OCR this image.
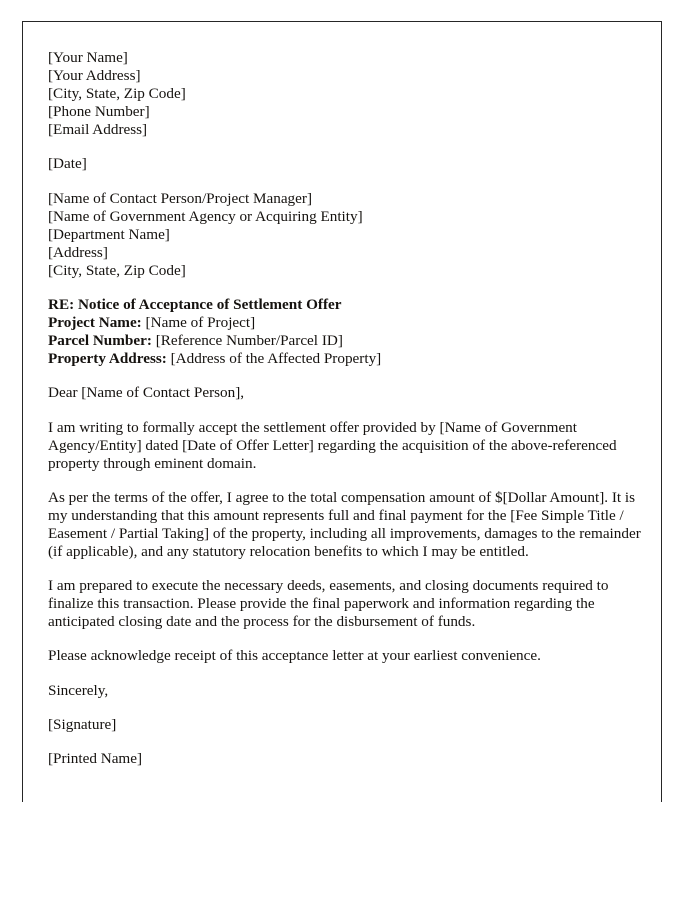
[Your Name]
[Your Address]
[City, State, Zip Code]
[Phone Number]
[Email Address]
[Date]
[Name of Contact Person/Project Manager]
[Name of Government Agency or Acquiring Entity]
[Department Name]
[Address]
[City, State, Zip Code]
RE: Notice of Acceptance of Settlement Offer
Project Name: [Name of Project]
Parcel Number: [Reference Number/Parcel ID]
Property Address: [Address of the Affected Property]

Dear [Name of Contact Person],

I am writing to formally accept the settlement offer provided by [Name of Government Agency/Entity] dated [Date of Offer Letter] regarding the acquisition of the above-referenced property through eminent domain.

As per the terms of the offer, I agree to the total compensation amount of $[Dollar Amount]. It is my understanding that this amount represents full and final payment for the [Fee Simple Title / Easement / Partial Taking] of the property, including all improvements, damages to the remainder (if applicable), and any statutory relocation benefits to which I may be entitled.

I am prepared to execute the necessary deeds, easements, and closing documents required to finalize this transaction. Please provide the final paperwork and information regarding the anticipated closing date and the process for the disbursement of funds.

Please acknowledge receipt of this acceptance letter at your earliest convenience.

Sincerely,

[Signature]

[Printed Name]
